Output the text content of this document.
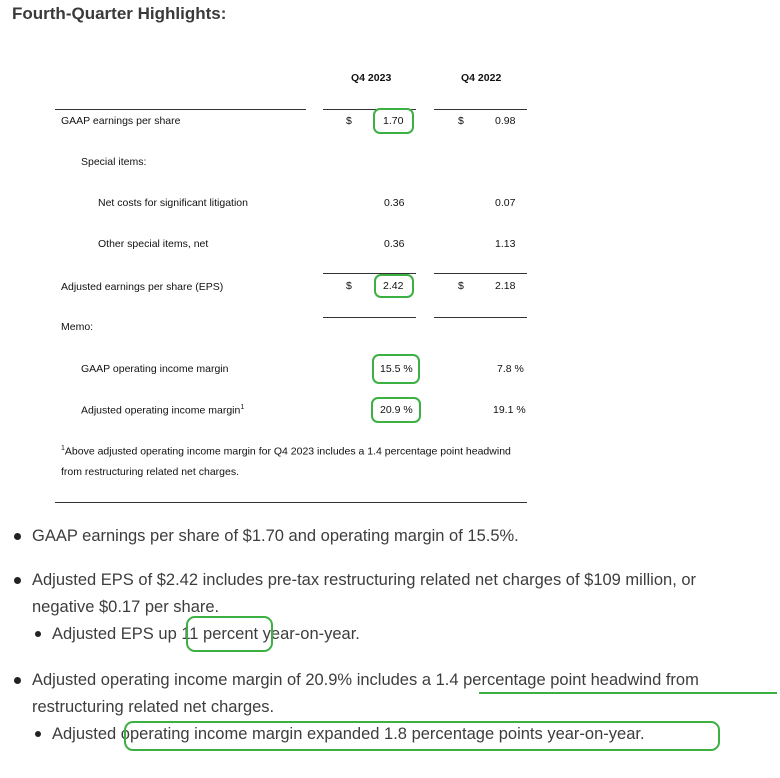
Fourth-Quarter Highlights:
Q4 2023	Q4 2022
GAAP earnings per share	$	1.70	$	0.98
Special items:
Net costs for significant litigation	0.36	0.07
Other special items, net	0.36	1.13
Adjusted earnings per share (EPS)	$	2.42	$	2.18
Memo:
GAAP operating income margin	15.5 %	7.8 %
Adjusted operating income margin$^1$	20.9 %	19.1 %
$^1$Above adjusted operating income margin for Q4 2023 includes a 1.4 percentage point headwind
from restructuring related net charges.
GAAP earnings per share of $1.70 and operating margin of 15.5%.
Adjusted EPS of $2.42 includes pre-tax restructuring related net charges of $109 million, or
negative $0.17 per share.
Adjusted EPS up 11 percent year-on-year.
Adjusted operating income margin of 20.9% includes a 1.4 percentage point headwind from
restructuring related net charges.
Adjusted operating income margin expanded 1.8 percentage points year-on-year.
